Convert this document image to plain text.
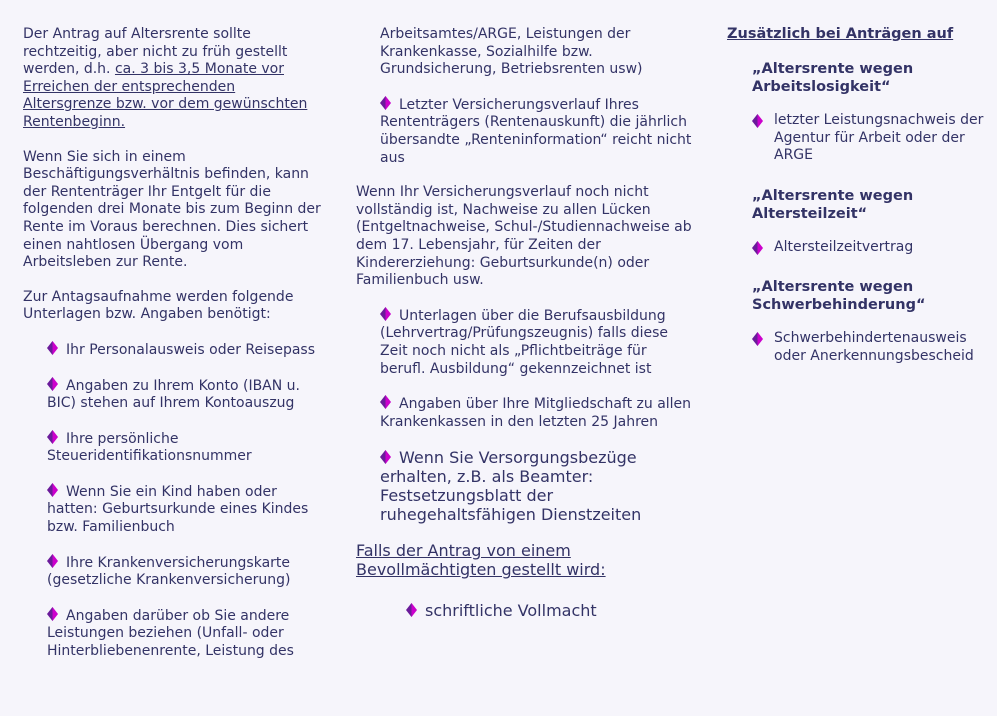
Der Antrag auf Altersrente sollte rechtzeitig, aber nicht zu früh gestellt werden, d.h. ca. 3 bis 3,5 Monate vor Erreichen der entsprechenden Altersgrenze bzw. vor dem gewünschten Rentenbeginn.

Wenn Sie sich in einem Beschäftigungsverhältnis befinden, kann der Rententräger Ihr Entgelt für die folgenden drei Monate bis zum Beginn der Rente im Voraus berechnen. Dies sichert einen nahtlosen Übergang vom Arbeitsleben zur Rente.

Zur Antagsaufnahme werden folgende Unterlagen bzw. Angaben benötigt:

Ihr Personalausweis oder Reisepass
Angaben zu Ihrem Konto (IBAN u. BIC) stehen auf Ihrem Kontoauszug
Ihre persönliche Steueridentifikationsnummer
Wenn Sie ein Kind haben oder hatten: Geburtsurkunde eines Kindes bzw. Familienbuch
Ihre Krankenversicherungskarte (gesetzliche Krankenversicherung)
Angaben darüber ob Sie andere Leistungen beziehen (Unfall- oder Hinterbliebenenrente, Leistung des

Arbeitsamtes/ARGE, Leistungen der Krankenkasse, Sozialhilfe bzw. Grundsicherung, Betriebsrenten usw)

Letzter Versicherungsverlauf Ihres Rententrägers (Rentenauskunft) die jährlich übersandte „Renteninformation“ reicht nicht aus

Wenn Ihr Versicherungsverlauf noch nicht vollständig ist, Nachweise zu allen Lücken (Entgeltnachweise, Schul-/Studiennachweise ab dem 17. Lebensjahr, für Zeiten der Kindererziehung: Geburtsurkunde(n) oder Familienbuch usw.

Unterlagen über die Berufsausbildung (Lehrvertrag/Prüfungszeugnis) falls diese Zeit noch nicht als „Pflichtbeiträge für berufl. Ausbildung“ gekennzeichnet ist
Angaben über Ihre Mitgliedschaft zu allen Krankenkassen in den letzten 25 Jahren
Wenn Sie Versorgungsbezüge erhalten, z.B. als Beamter: Festsetzungsblatt der ruhegehaltsfähigen Dienstzeiten

Falls der Antrag von einem Bevollmächtigten gestellt wird:

schriftliche Vollmacht

Zusätzlich bei Anträgen auf

„Altersrente wegen Arbeitslosigkeit“

letzter Leistungsnachweis der Agentur für Arbeit oder der ARGE

„Altersrente wegen Altersteilzeit“

Altersteilzeitvertrag

„Altersrente wegen Schwerbehinderung“

Schwerbehindertenausweis oder Anerkennungsbescheid
